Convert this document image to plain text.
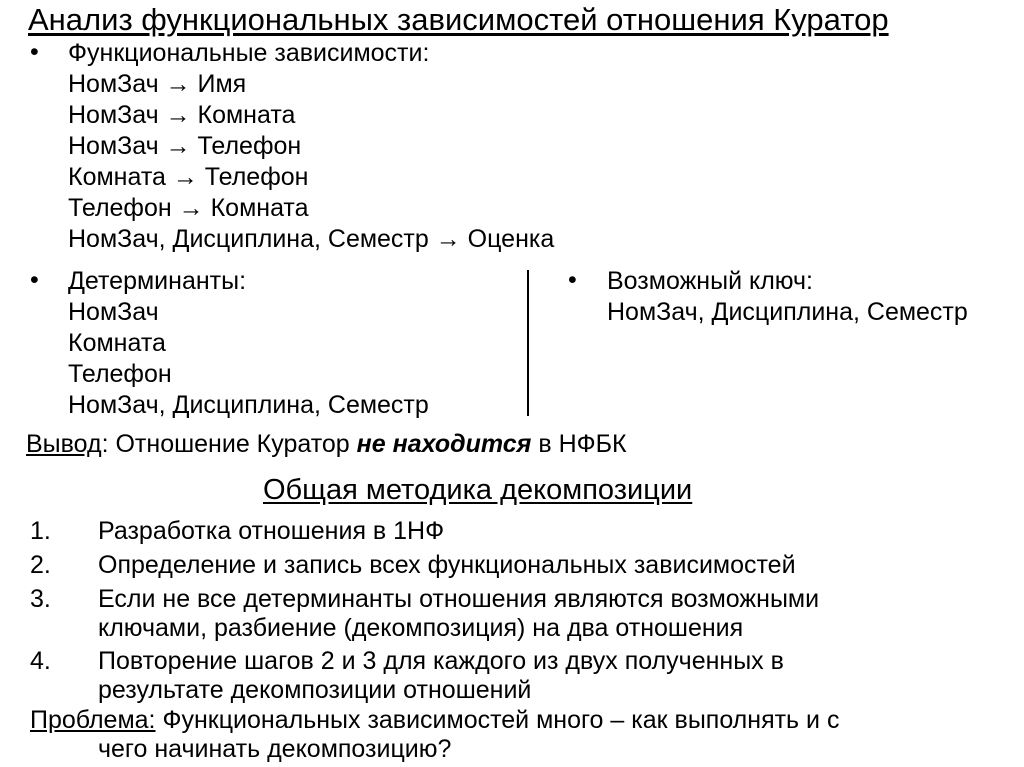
Анализ функциональных зависимостей отношения Куратор
• Функциональные зависимости:
НомЗач → Имя
НомЗач → Комната
НомЗач → Телефон
Комната → Телефон
Телефон → Комната
НомЗач, Дисциплина, Семестр → Оценка
• Детерминанты:
НомЗач
Комната
Телефон
НомЗач, Дисциплина, Семестр
• Возможный ключ:
НомЗач, Дисциплина, Семестр
Вывод: Отношение Куратор не находится в НФБК
Общая методика декомпозиции
1. Разработка отношения в 1НФ
2. Определение и запись всех функциональных зависимостей
3. Если не все детерминанты отношения являются возможными ключами, разбиение (декомпозиция) на два отношения
4. Повторение шагов 2 и 3 для каждого из двух полученных в результате декомпозиции отношений
Проблема: Функциональных зависимостей много – как выполнять и с
чего начинать декомпозицию?
